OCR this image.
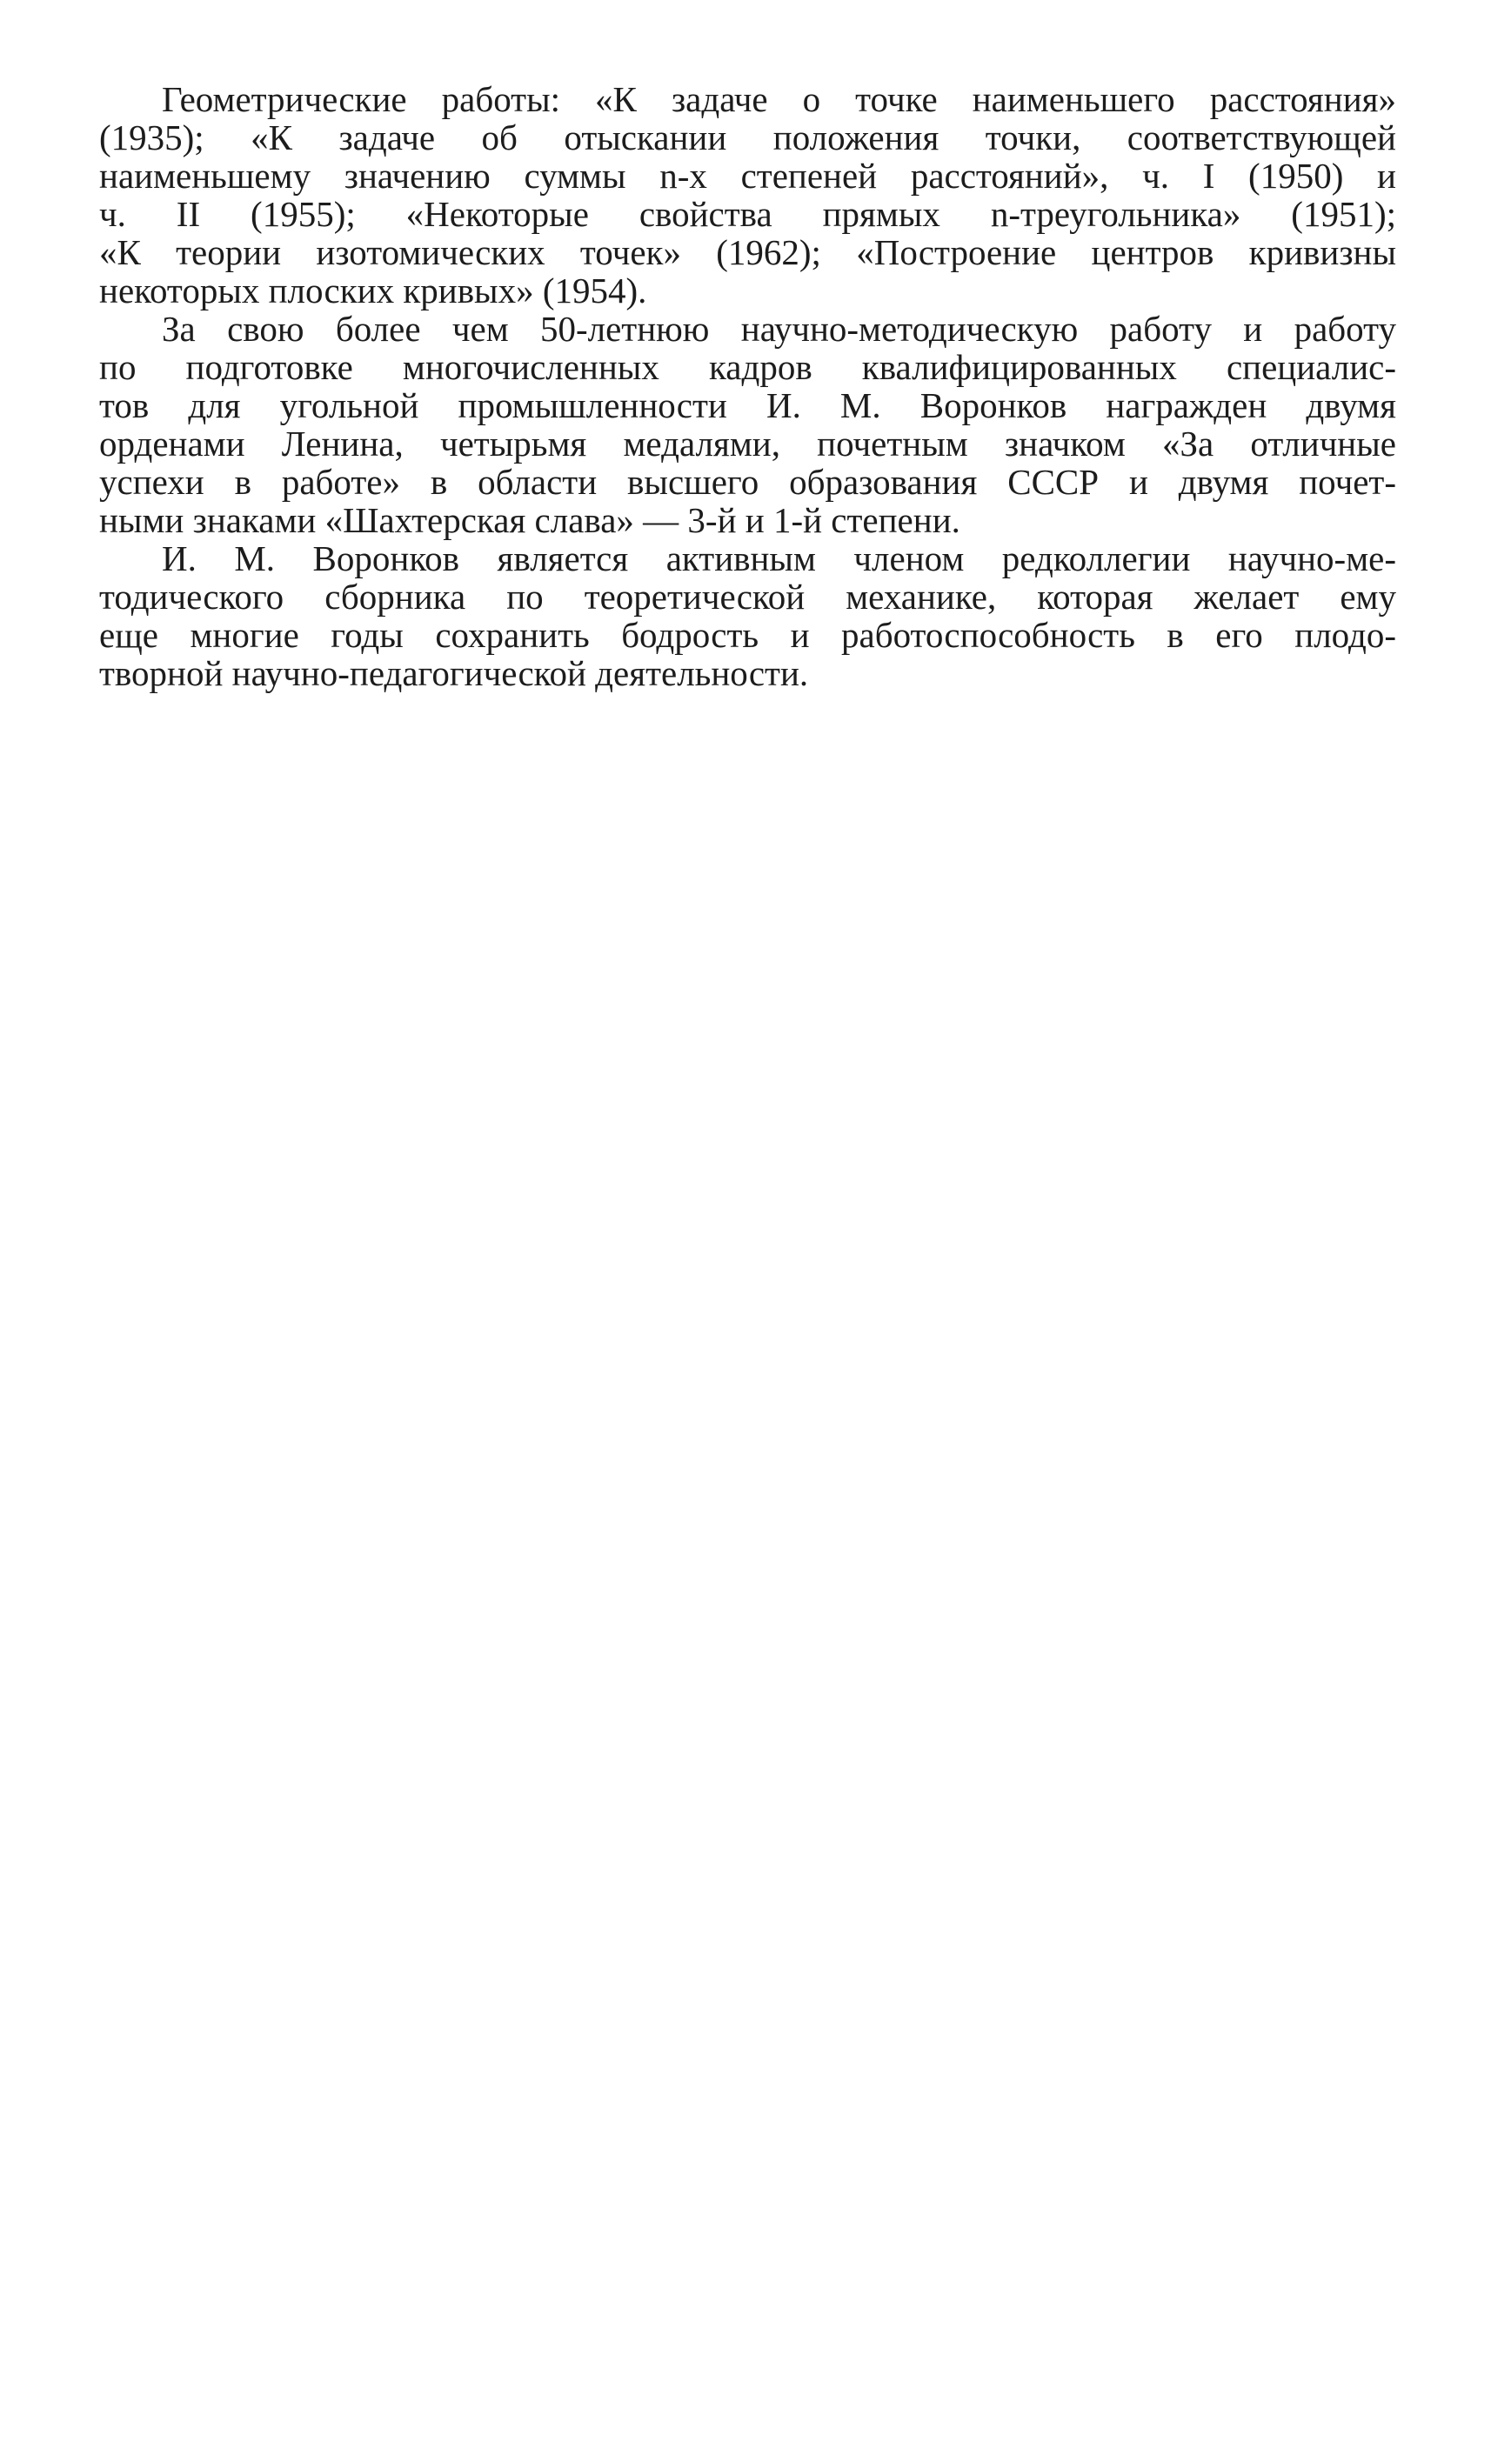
Геометрические работы: «К задаче о точке наименьшего расстояния»
(1935); «К задаче об отыскании положения точки, соответствующей
наименьшему значению суммы n-х степеней расстояний», ч. I (1950) и
ч. II (1955); «Некоторые свойства прямых n-треугольника» (1951);
«К теории изотомических точек» (1962); «Построение центров кривизны
некоторых плоских кривых» (1954).
За свою более чем 50-летнюю научно-методическую работу и работу
по подготовке многочисленных кадров квалифицированных специалис-
тов для угольной промышленности И. М. Воронков награжден двумя
орденами Ленина, четырьмя медалями, почетным значком «За отличные
успехи в работе» в области высшего образования СССР и двумя почет-
ными знаками «Шахтерская слава» — 3-й и 1-й степени.
И. М. Воронков является активным членом редколлегии научно-ме-
тодического сборника по теоретической механике, которая желает ему
еще многие годы сохранить бодрость и работоспособность в его плодо-
творной научно-педагогической деятельности.
